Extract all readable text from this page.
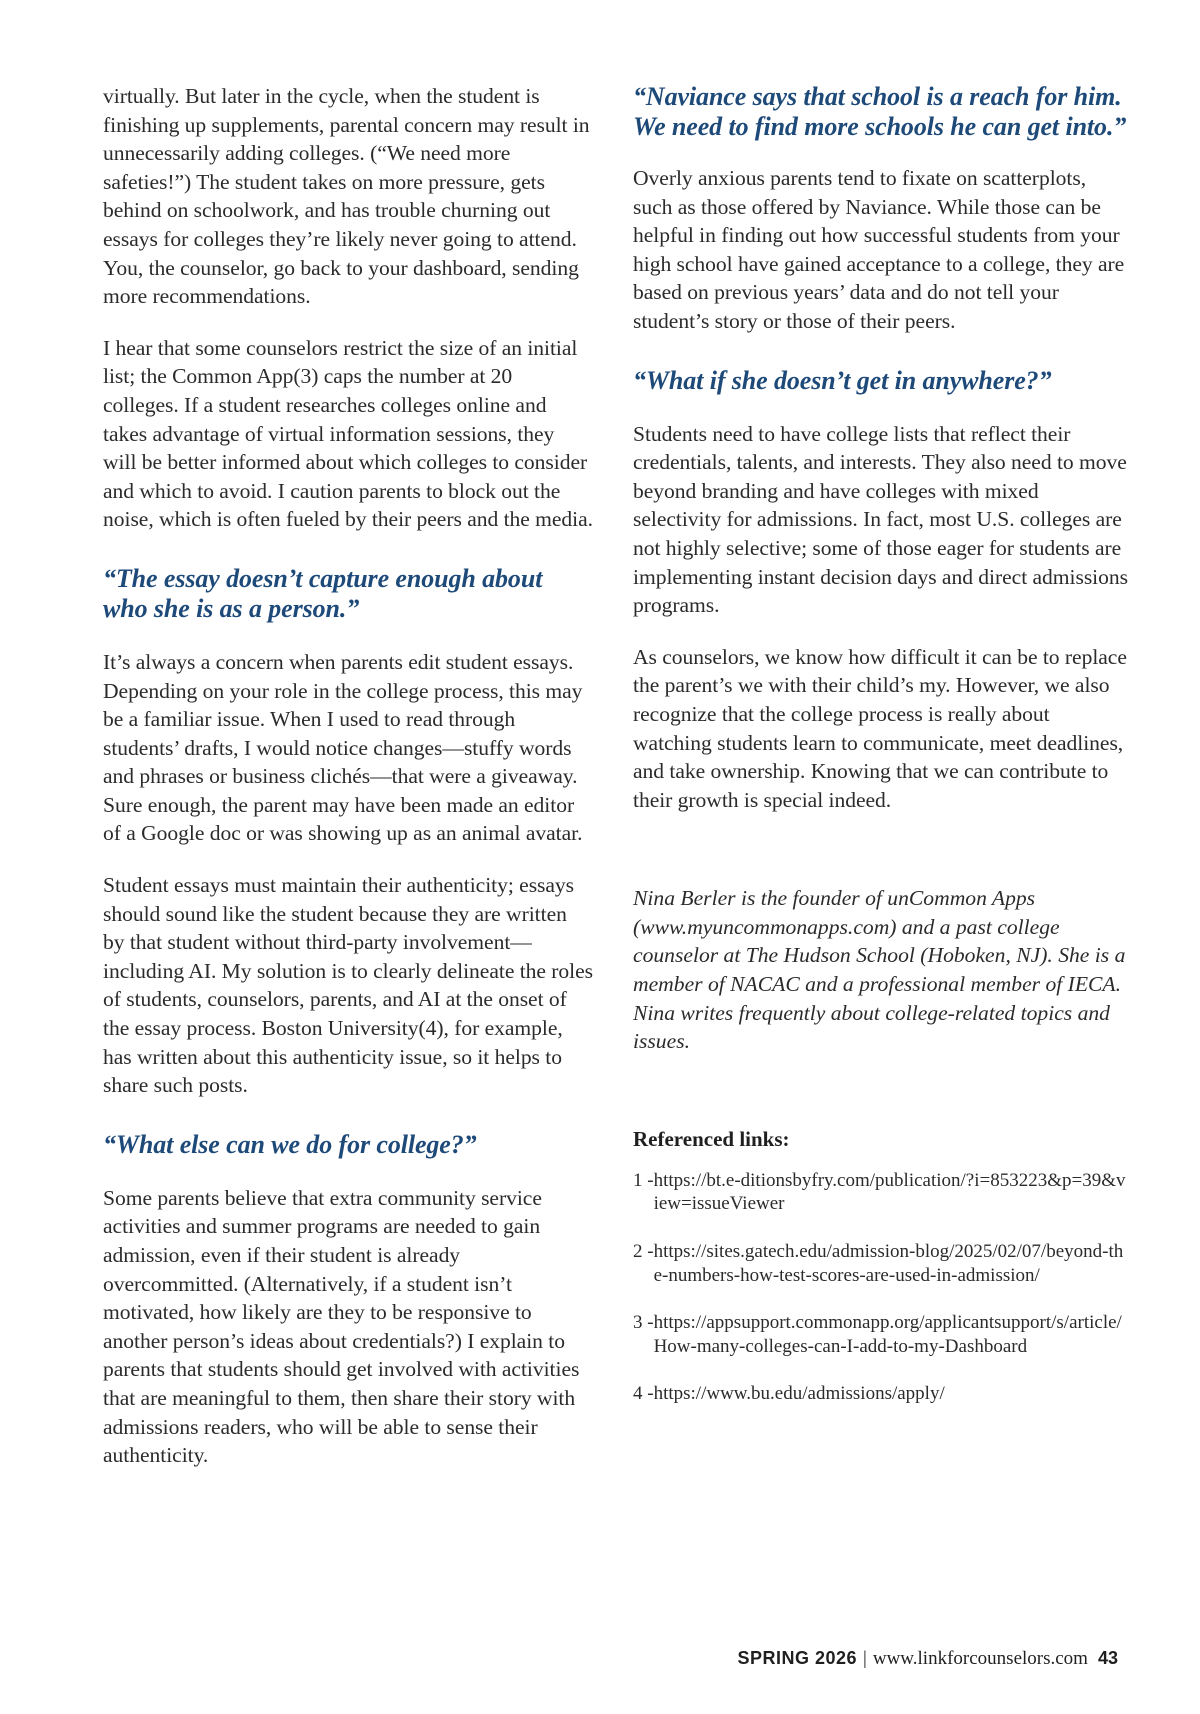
virtually. But later in the cycle, when the student is finishing up supplements, parental concern may result in unnecessarily adding colleges. (“We need more safeties!”) The student takes on more pressure, gets behind on schoolwork, and has trouble churning out essays for colleges they’re likely never going to attend. You, the counselor, go back to your dashboard, sending more recommendations.

I hear that some counselors restrict the size of an initial list; the Common App(3) caps the number at 20 colleges. If a student researches colleges online and takes advantage of virtual information sessions, they will be better informed about which colleges to consider and which to avoid. I caution parents to block out the noise, which is often fueled by their peers and the media.

“The essay doesn’t capture enough about who she is as a person.”

It’s always a concern when parents edit student essays. Depending on your role in the college process, this may be a familiar issue. When I used to read through students’ drafts, I would notice changes—stuffy words and phrases or business clichés—that were a giveaway. Sure enough, the parent may have been made an editor of a Google doc or was showing up as an animal avatar.

Student essays must maintain their authenticity; essays should sound like the student because they are written by that student without third-party involvement—including AI. My solution is to clearly delineate the roles of students, counselors, parents, and AI at the onset of the essay process. Boston University(4), for example, has written about this authenticity issue, so it helps to share such posts.

“What else can we do for college?”

Some parents believe that extra community service activities and summer programs are needed to gain admission, even if their student is already overcommitted. (Alternatively, if a student isn’t motivated, how likely are they to be responsive to another person’s ideas about credentials?) I explain to parents that students should get involved with activities that are meaningful to them, then share their story with admissions readers, who will be able to sense their authenticity.

“Naviance says that school is a reach for him. We need to find more schools he can get into.”

Overly anxious parents tend to fixate on scatterplots, such as those offered by Naviance. While those can be helpful in finding out how successful students from your high school have gained acceptance to a college, they are based on previous years’ data and do not tell your student’s story or those of their peers.

“What if she doesn’t get in anywhere?”

Students need to have college lists that reflect their credentials, talents, and interests. They also need to move beyond branding and have colleges with mixed selectivity for admissions. In fact, most U.S. colleges are not highly selective; some of those eager for students are implementing instant decision days and direct admissions programs.

As counselors, we know how difficult it can be to replace the parent’s we with their child’s my. However, we also recognize that the college process is really about watching students learn to communicate, meet deadlines, and take ownership. Knowing that we can contribute to their growth is special indeed.

Nina Berler is the founder of unCommon Apps (www.myuncommonapps.com) and a past college counselor at The Hudson School (Hoboken, NJ). She is a member of NACAC and a professional member of IECA. Nina writes frequently about college-related topics and issues.

Referenced links:
1 - https://bt.e-ditionsbyfry.com/publication/?i=853223&p=39&view=issueViewer
2 - https://sites.gatech.edu/admission-blog/2025/02/07/beyond-the-numbers-how-test-scores-are-used-in-admission/
3 - https://appsupport.commonapp.org/applicantsupport/s/article/How-many-colleges-can-I-add-to-my-Dashboard
4 - https://www.bu.edu/admissions/apply/
SPRING 2026 | www.linkforcounselors.com 43
